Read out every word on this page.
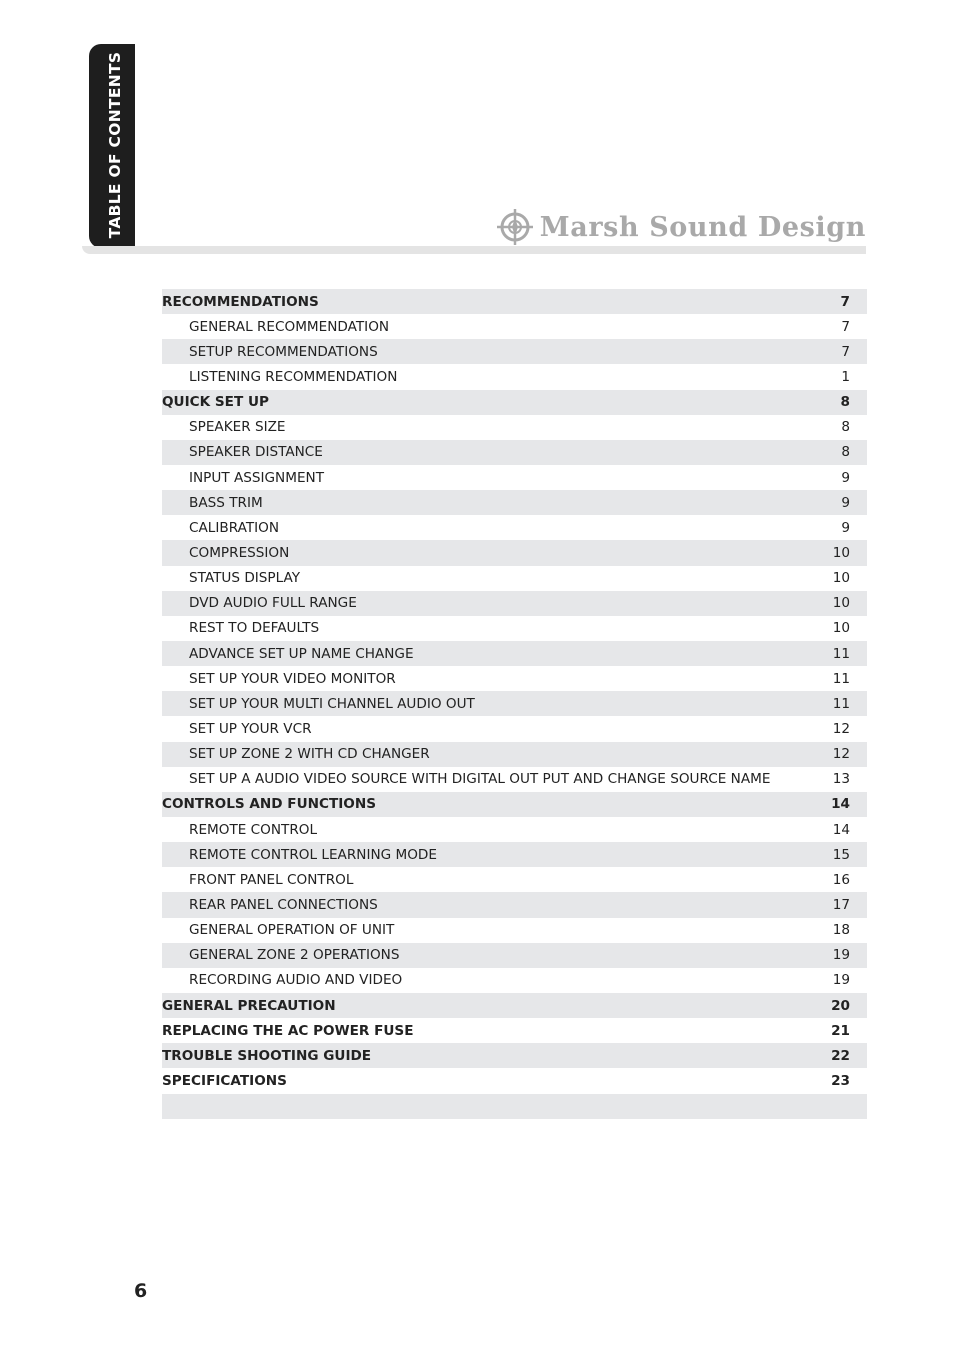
TABLE OF CONTENTS	Marsh Sound Design
RECOMMENDATIONS	7
GENERAL RECOMMENDATION	7
SETUP RECOMMENDATIONS	7
LISTENING RECOMMENDATION	1
QUICK SET UP	8
SPEAKER SIZE	8
SPEAKER DISTANCE	8
INPUT ASSIGNMENT	9
BASS TRIM	9
CALIBRATION	9
COMPRESSION	10
STATUS DISPLAY	10
DVD AUDIO FULL RANGE	10
REST TO DEFAULTS	10
ADVANCE SET UP NAME CHANGE	11
SET UP YOUR VIDEO MONITOR	11
SET UP YOUR MULTI CHANNEL AUDIO OUT	11
SET UP YOUR VCR	12
SET UP ZONE 2 WITH CD CHANGER	12
SET UP A AUDIO VIDEO SOURCE WITH DIGITAL OUT PUT AND CHANGE SOURCE NAME	13
CONTROLS AND FUNCTIONS	14
REMOTE CONTROL	14
REMOTE CONTROL LEARNING MODE	15
FRONT PANEL CONTROL	16
REAR PANEL CONNECTIONS	17
GENERAL OPERATION OF UNIT	18
GENERAL ZONE 2 OPERATIONS	19
RECORDING AUDIO AND VIDEO	19
GENERAL PRECAUTION	20
REPLACING THE AC POWER FUSE	21
TROUBLE SHOOTING GUIDE	22
SPECIFICATIONS	23
6
